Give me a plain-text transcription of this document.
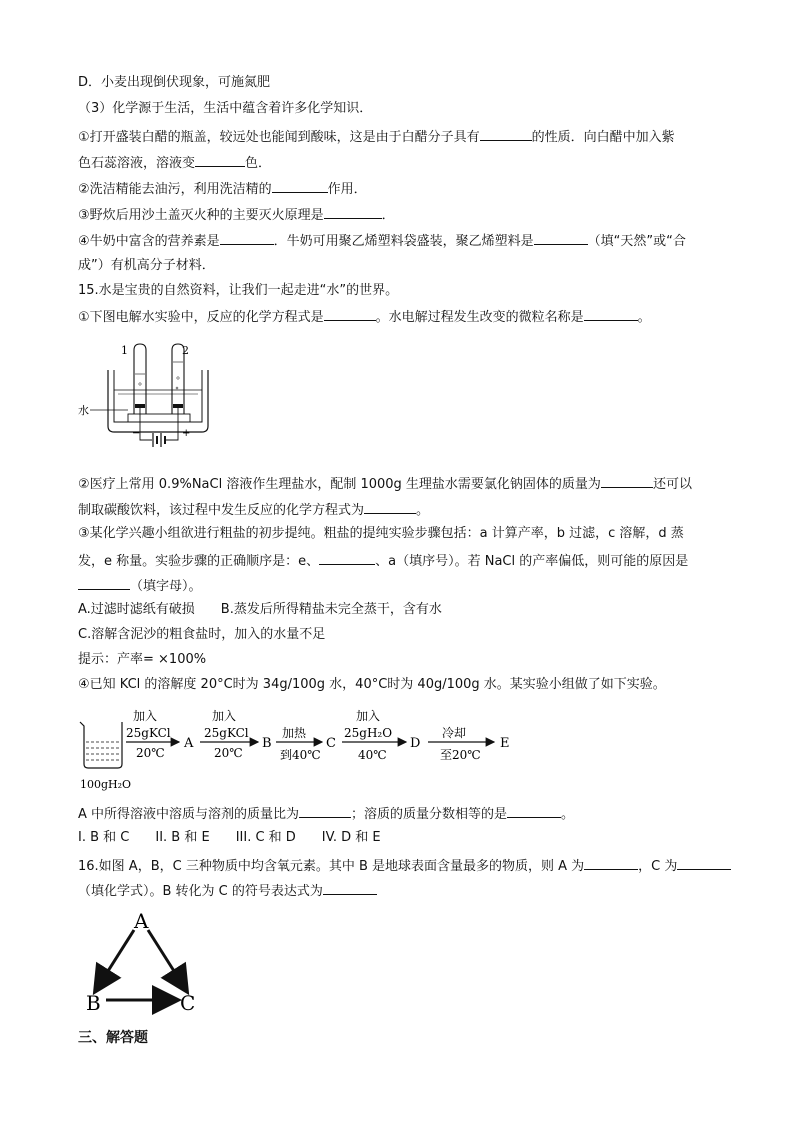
D．小麦出现倒伏现象，可施氮肥
（3）化学源于生活，生活中蕴含着许多化学知识．
①打开盛装白醋的瓶盖，较远处也能闻到酸味，这是由于白醋分子具有	的性质．向白醋中加入紫
色石蕊溶液，溶液变	色．
②洗洁精能去油污，利用洗洁精的	作用．
③野炊后用沙土盖灭火种的主要灭火原理是	．
④牛奶中富含的营养素是	．牛奶可用聚乙烯塑料袋盛装，聚乙烯塑料是	（填“天然”或“合
成”）有机高分子材料．
15.水是宝贵的自然资料，让我们一起走进“水”的世界。
①下图电解水实验中，反应的化学方程式是	。水电解过程发生改变的微粒名称是	。
1	2
水
−	+
②医疗上常用 0.9%NaCl 溶液作生理盐水，配制 1000g 生理盐水需要氯化钠固体的质量为	还可以
制取碳酸饮料，该过程中发生反应的化学方程式为	。
③某化学兴趣小组欲进行粗盐的初步提纯。粗盐的提纯实验步骤包括：a 计算产率，b 过滤，c 溶解，d 蒸
发，e 称量。实验步骤的正确顺序是：e、	、a（填序号）。若 NaCl 的产率偏低，则可能的原因是
（填字母）。
A.过滤时滤纸有破损　　B.蒸发后所得精盐未完全蒸干，含有水
C.溶解含泥沙的粗食盐时，加入的水量不足
提示：产率= ×100%
④已知 KCl 的溶解度 20°C时为 34g/100g 水，40°C时为 40g/100g 水。某实验小组做了如下实验。
100gH₂O
加入
25gKCl
20℃
A
加入
25gKCl
20℃
B
加热
到40℃
C
加入
25gH₂O
40℃
D
冷却
至20℃
E
A 中所得溶液中溶质与溶剂的质量比为	；溶质的质量分数相等的是	。
I. B 和 C　　II. B 和 E　　III. C 和 D　　IV. D 和 E
16.如图 A，B，C 三种物质中均含氧元素。其中 B 是地球表面含量最多的物质，则 A 为	，C 为
（填化学式）。B 转化为 C 的符号表达式为
A
B	C
三、解答题
